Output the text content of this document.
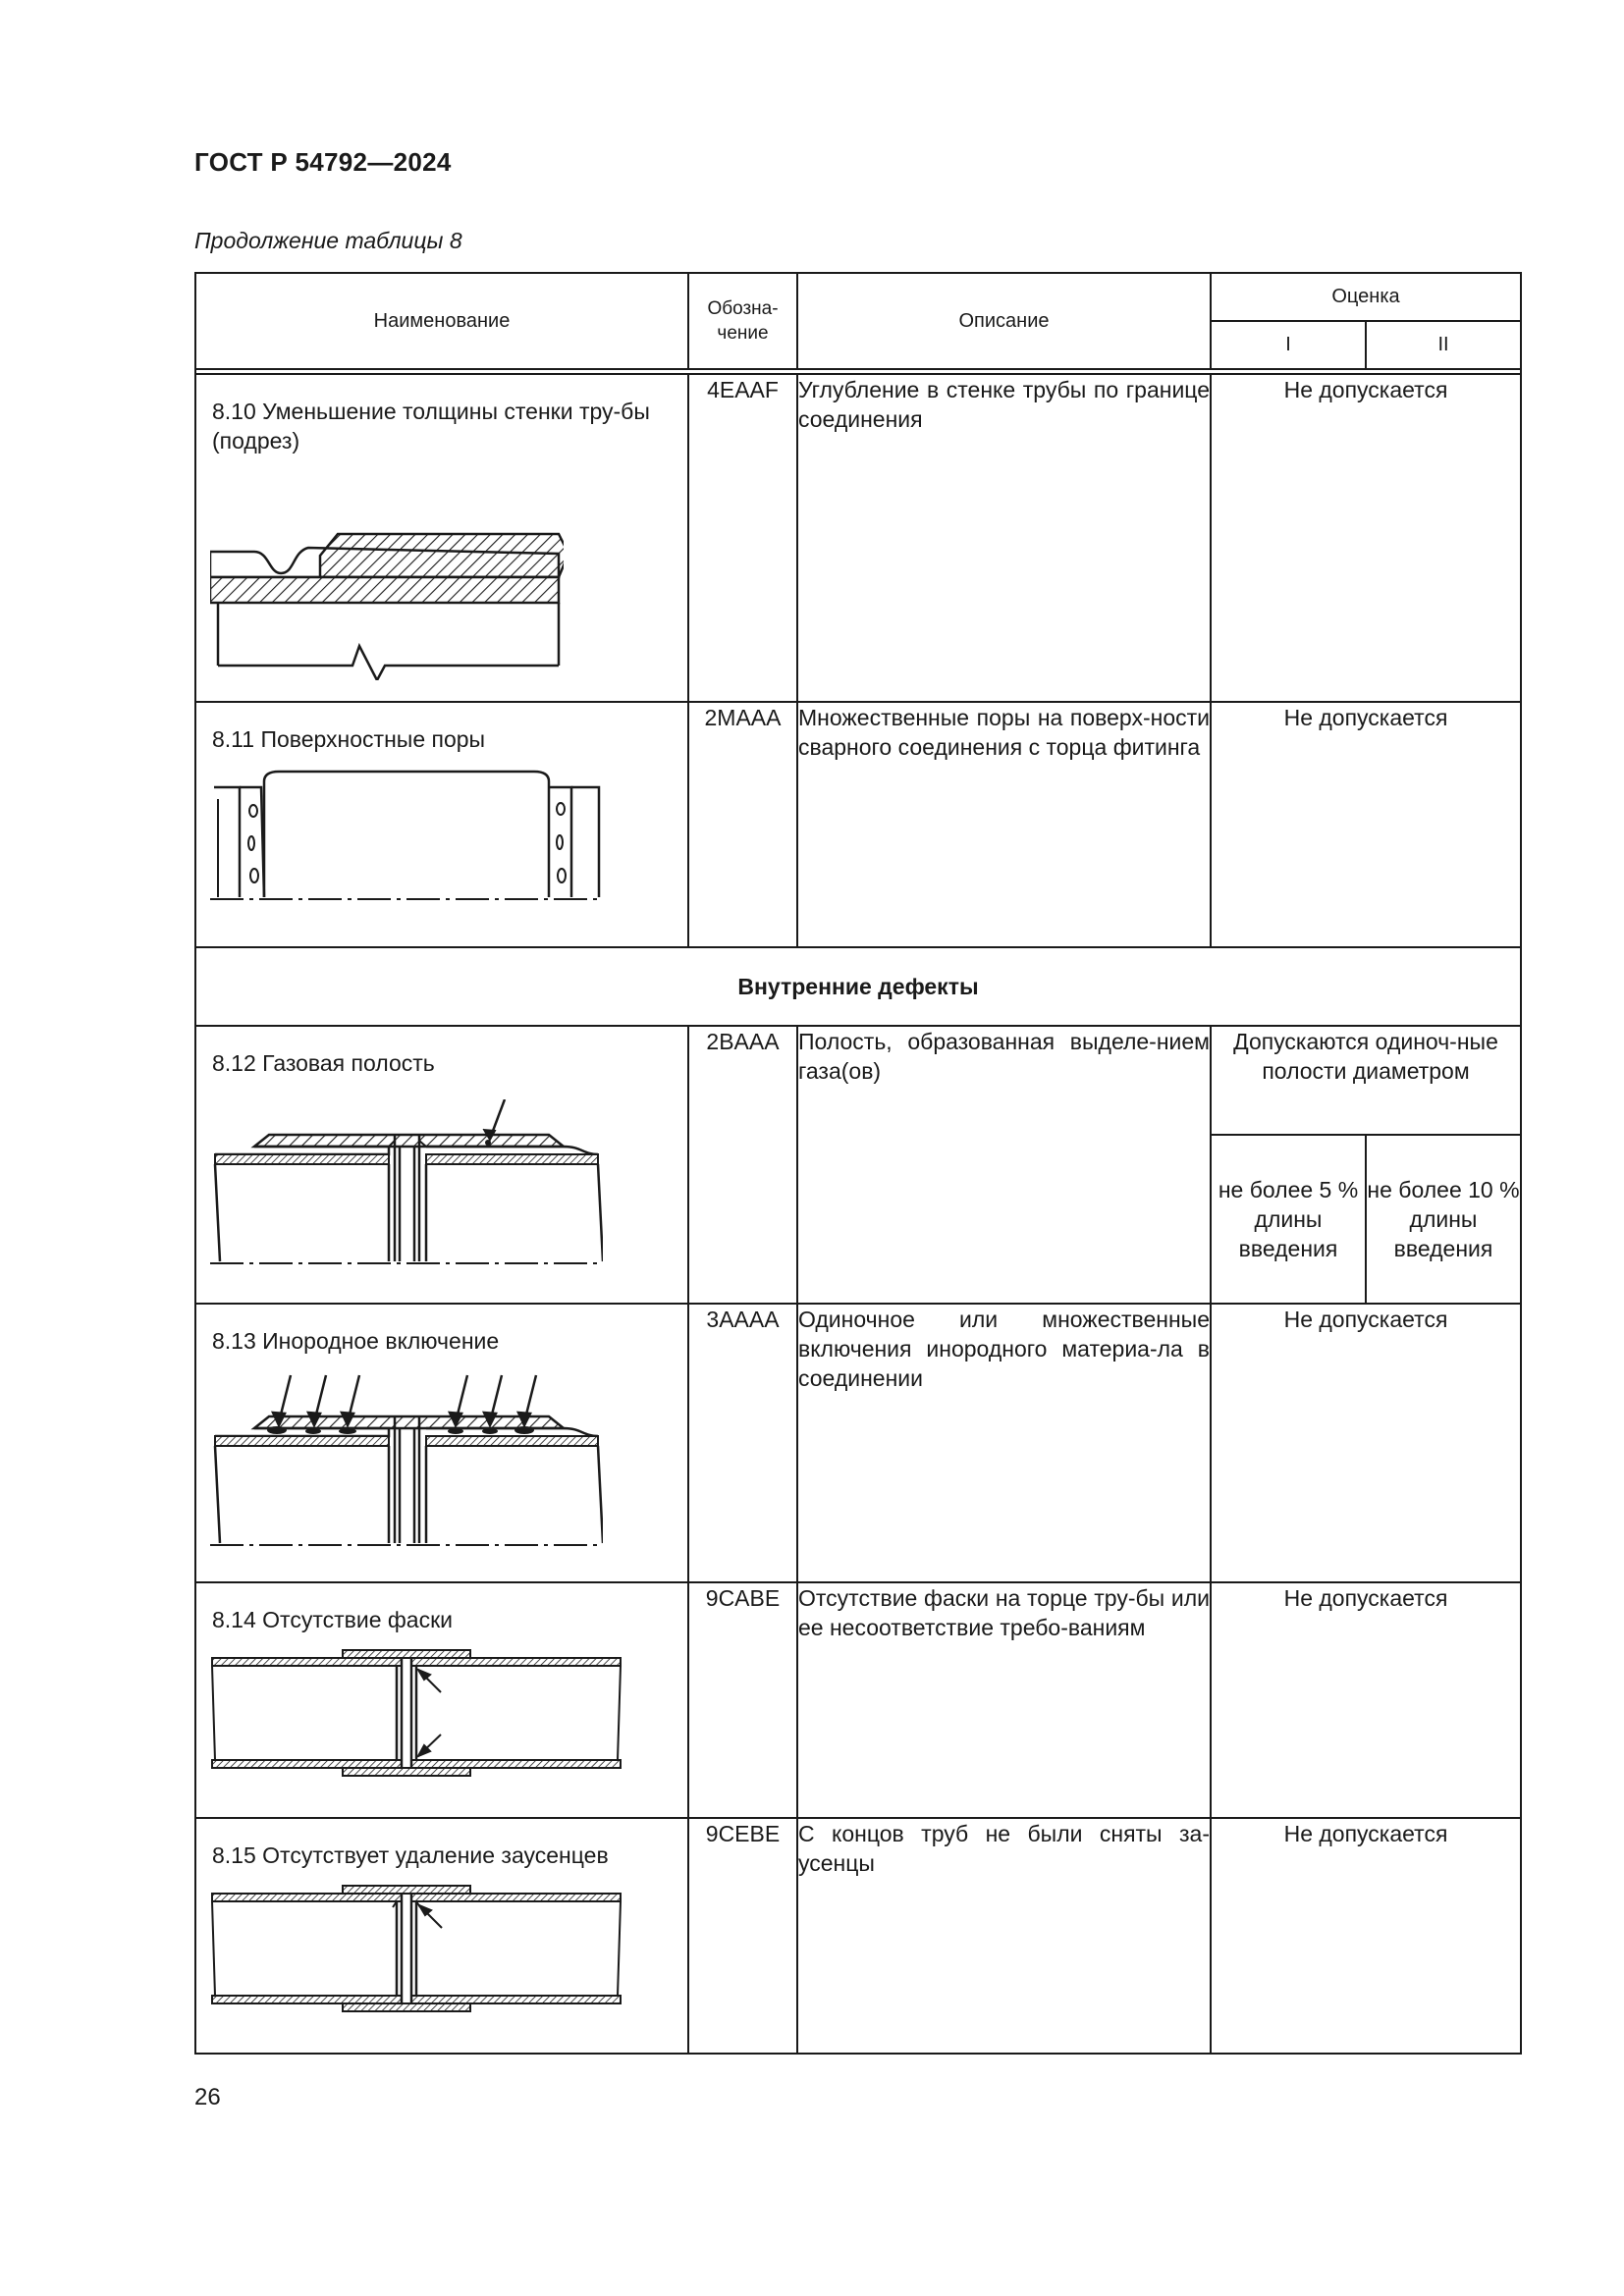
ГОСТ Р 54792—2024
Продолжение таблицы 8
Наименование	Обозна-чение	Описание	Оценка	
			I	II

8.10 Уменьшение толщины стенки тру-бы (подрез)	4EAAF	Углубление в стенке трубы по границе соединения	Не допускается	

8.11 Поверхностные поры	2MAAA	Множественные поры на поверх-ности сварного соединения с торца фитинга	Не допускается	
Внутренние дефекты				

8.12 Газовая полость	2BAAA	Полость, образованная выделе-нием газа(ов)	Допускаются одиноч-ные полости диаметром	
			не более 5 % длины введения	не более 10 % длины введения

8.13 Инородное включение	3AAAA	Одиночное или множественные включения инородного материа-ла в соединении	Не допускается	

8.14 Отсутствие фаски	9CABE	Отсутствие фаски на торце тру-бы или ее несоответствие требо-ваниям	Не допускается	

8.15 Отсутствует удаление заусенцев	9CEBE	С концов труб не были сняты за-усенцы	Не допускается	
26
